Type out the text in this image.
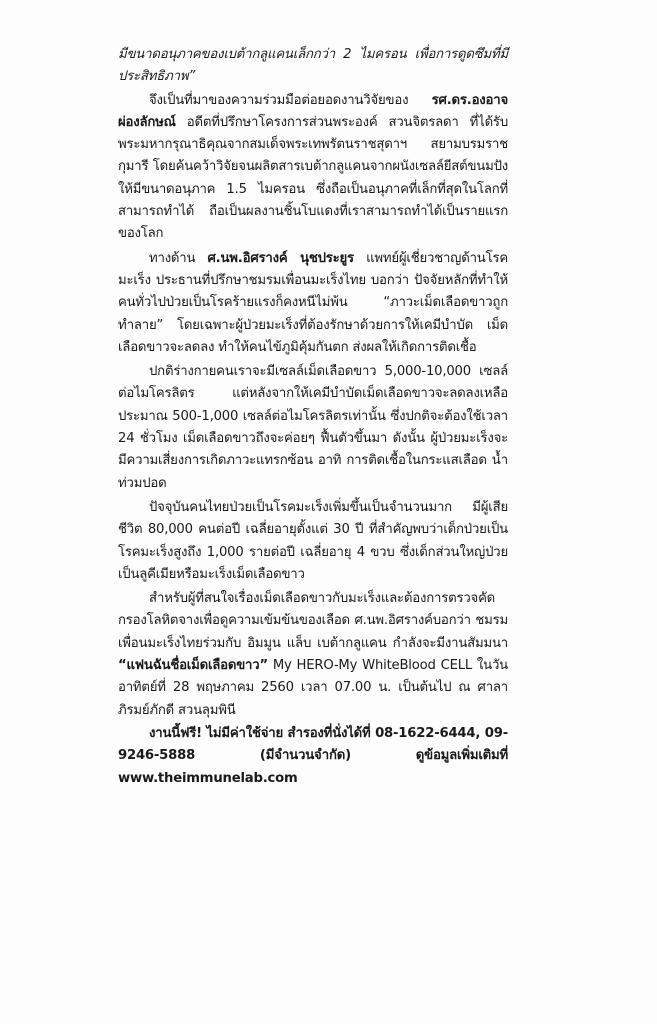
มีขนาดอนุภาคของเบต้ากลูแคนเล็กกว่า 2 ไมครอน เพื่อการดูดซึมที่มีประสิทธิภาพ”

จึงเป็นที่มาของความร่วมมือต่อยอดงานวิจัยของ รศ.ดร.องอาจ ผ่องลักษณ์ อดีตที่ปรึกษาโครงการส่วนพระองค์ สวนจิตรลดา ที่ได้รับพระมหากรุณาธิคุณจากสมเด็จพระเทพรัตนราชสุดาฯ สยามบรมราชกุมารี โดยค้นคว้าวิจัยจนผลิตสารเบต้ากลูแคนจากผนังเซลล์ยีสต์ขนมปังให้มีขนาดอนุภาค 1.5 ไมครอน ซึ่งถือเป็นอนุภาคที่เล็กที่สุดในโลกที่สามารถทำได้ ถือเป็นผลงานชิ้นโบแดงที่เราสามารถทำได้เป็นรายแรกของโลก

ทางด้าน ศ.นพ.อิศรางค์ นุชประยูร แพทย์ผู้เชี่ยวชาญด้านโรคมะเร็ง ประธานที่ปรึกษาชมรมเพื่อนมะเร็งไทย บอกว่า ปัจจัยหลักที่ทำให้คนทั่วไปป่วยเป็นโรคร้ายแรงก็คงหนีไม่พ้น “ภาวะเม็ดเลือดขาวถูกทำลาย” โดยเฉพาะผู้ป่วยมะเร็งที่ต้องรักษาด้วยการให้เคมีบำบัด เม็ดเลือดขาวจะลดลง ทำให้คนไข้ภูมิคุ้มกันตก ส่งผลให้เกิดการติดเชื้อ

ปกติร่างกายคนเราจะมีเซลล์เม็ดเลือดขาว 5,000-10,000 เซลล์ต่อไมโครลิตร แต่หลังจากให้เคมีบำบัดเม็ดเลือดขาวจะลดลงเหลือประมาณ 500-1,000 เซลล์ต่อไมโครลิตรเท่านั้น ซึ่งปกติจะต้องใช้เวลา 24 ชั่วโมง เม็ดเลือดขาวถึงจะค่อยๆ ฟื้นตัวขึ้นมา ดังนั้น ผู้ป่วยมะเร็งจะมีความเสี่ยงการเกิดภาวะแทรกซ้อน อาทิ การติดเชื้อในกระแสเลือด น้ำท่วมปอด

ปัจจุบันคนไทยป่วยเป็นโรคมะเร็งเพิ่มขึ้นเป็นจำนวนมาก มีผู้เสียชีวิต 80,000 คนต่อปี เฉลี่ยอายุตั้งแต่ 30 ปี ที่สำคัญพบว่าเด็กป่วยเป็นโรคมะเร็งสูงถึง 1,000 รายต่อปี เฉลี่ยอายุ 4 ขวบ ซึ่งเด็กส่วนใหญ่ป่วยเป็นลูคีเมียหรือมะเร็งเม็ดเลือดขาว

สำหรับผู้ที่สนใจเรื่องเม็ดเลือดขาวกับมะเร็งและต้องการตรวจคัดกรองโลหิตจางเพื่อดูความเข้มข้นของเลือด ศ.นพ.อิศรางค์บอกว่า ชมรมเพื่อนมะเร็งไทยร่วมกับ อิมมูน แล็บ เบต้ากลูแคน กำลังจะมีงานสัมมนา “แฟนฉันชื่อเม็ดเลือดขาว” My HERO-My WhiteBlood CELL ในวันอาทิตย์ที่ 28 พฤษภาคม 2560 เวลา 07.00 น. เป็นต้นไป ณ ศาลาภิรมย์ภักดี สวนลุมพินี

งานนี้ฟรี! ไม่มีค่าใช้จ่าย สำรองที่นั่งได้ที่ 08-1622-6444, 09-9246-5888 (มีจำนวนจำกัด) ดูข้อมูลเพิ่มเติมที่ www.theimmunelab.com
